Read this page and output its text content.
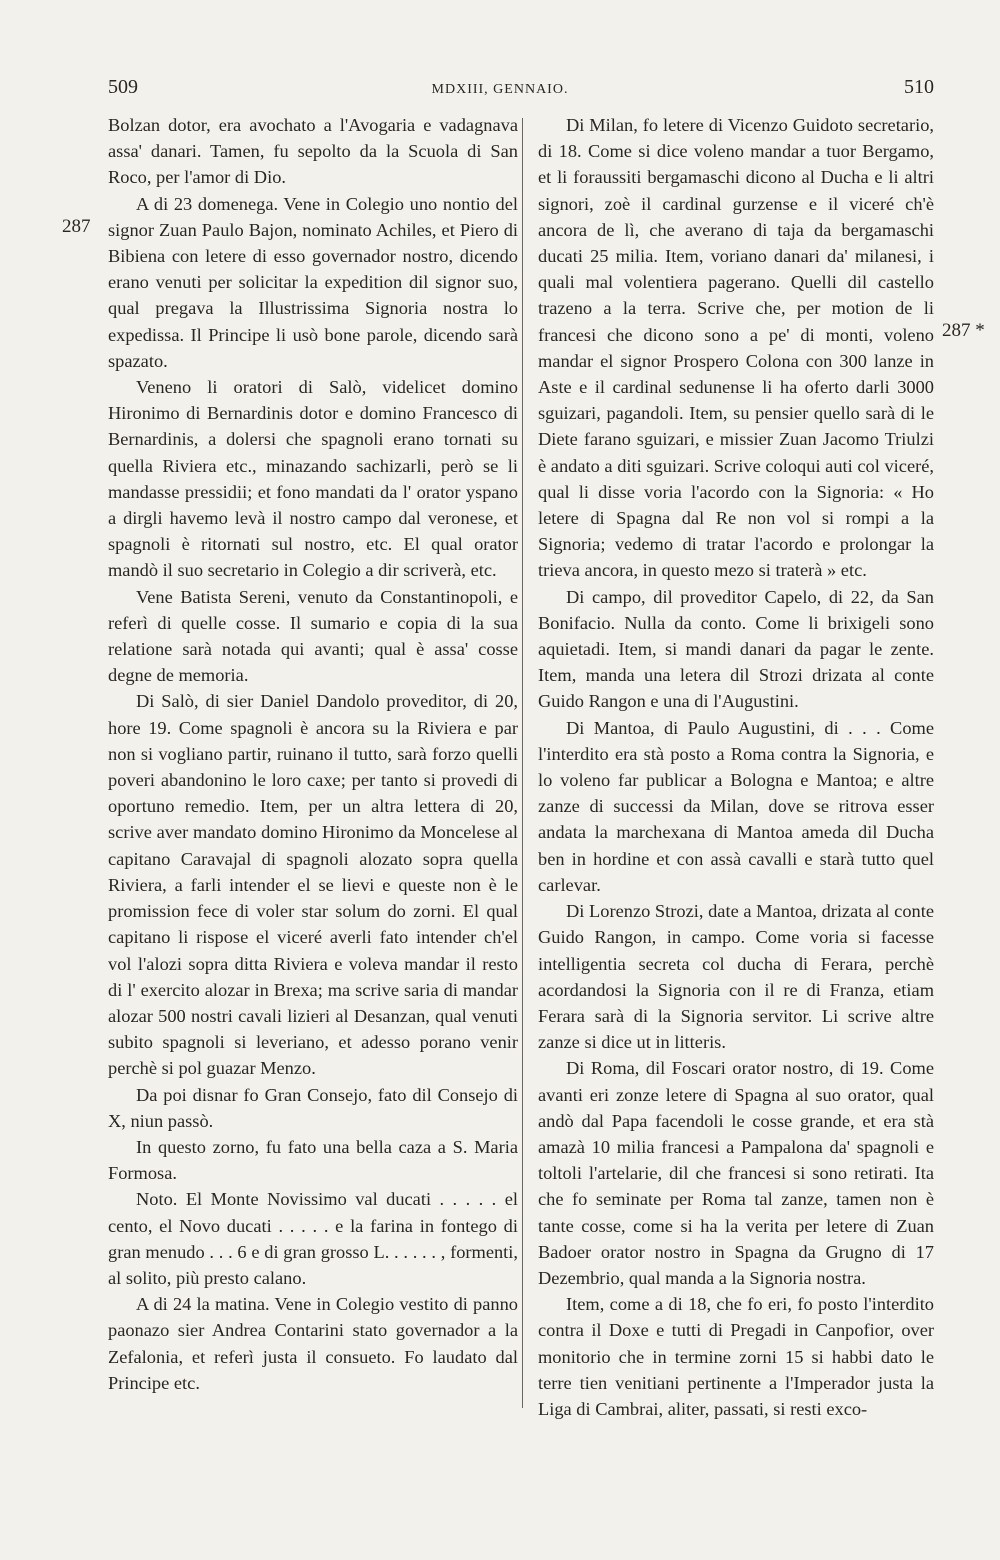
509	MDXIII, GENNAIO.	510
287
287 *

Bolzan dotor, era avochato a l'Avogaria e vadagnava assa' danari. Tamen, fu sepolto da la Scuola di San Roco, per l'amor di Dio.

A di 23 domenega. Vene in Colegio uno nontio del signor Zuan Paulo Bajon, nominato Achiles, et Piero di Bibiena con letere di esso governador nostro, dicendo erano venuti per solicitar la expedition dil signor suo, qual pregava la Illustrissima Signoria nostra lo expedissa. Il Principe li usò bone parole, dicendo sarà spazato.

Veneno li oratori di Salò, videlicet domino Hironimo di Bernardinis dotor e domino Francesco di Bernardinis, a dolersi che spagnoli erano tornati su quella Riviera etc., minazando sachizarli, però se li mandasse pressidii; et fono mandati da l' orator yspano a dirgli havemo levà il nostro campo dal veronese, et spagnoli è ritornati sul nostro, etc. El qual orator mandò il suo secretario in Colegio a dir scriverà, etc.

Vene Batista Sereni, venuto da Constantinopoli, e referì di quelle cosse. Il sumario e copia di la sua relatione sarà notada qui avanti; qual è assa' cosse degne de memoria.

Di Salò, di sier Daniel Dandolo proveditor, di 20, hore 19. Come spagnoli è ancora su la Riviera e par non si vogliano partir, ruinano il tutto, sarà forzo quelli poveri abandonino le loro caxe; per tanto si provedi di oportuno remedio. Item, per un altra lettera di 20, scrive aver mandato domino Hironimo da Moncelese al capitano Caravajal di spagnoli alozato sopra quella Riviera, a farli intender el se lievi e queste non è le promission fece di voler star solum do zorni. El qual capitano li rispose el viceré averli fato intender ch'el vol l'alozi sopra ditta Riviera e voleva mandar il resto di l' exercito alozar in Brexa; ma scrive saria di mandar alozar 500 nostri cavali lizieri al Desanzan, qual venuti subito spagnoli si leveriano, et adesso porano venir perchè si pol guazar Menzo.

Da poi disnar fo Gran Consejo, fato dil Consejo di X, niun passò.

In questo zorno, fu fato una bella caza a S. Maria Formosa.

Noto. El Monte Novissimo val ducati . . . . . el cento, el Novo ducati . . . . . e la farina in fontego di gran menudo . . . 6 e di gran grosso L. . . . . . , formenti, al solito, più presto calano.

A di 24 la matina. Vene in Colegio vestito di panno paonazo sier Andrea Contarini stato governador a la Zefalonia, et referì justa il consueto. Fo laudato dal Principe etc.

Di Milan, fo letere di Vicenzo Guidoto secretario, di 18. Come si dice voleno mandar a tuor Bergamo, et li foraussiti bergamaschi dicono al Ducha e li altri signori, zoè il cardinal gurzense e il viceré ch'è ancora de lì, che averano di taja da bergamaschi ducati 25 milia. Item, voriano danari da' milanesi, i quali mal volentiera pagerano. Quelli dil castello trazeno a la terra. Scrive che, per motion de li francesi che dicono sono a pe' di monti, voleno mandar el signor Prospero Colona con 300 lanze in Aste e il cardinal sedunense li ha oferto darli 3000 sguizari, pagandoli. Item, su pensier quello sarà di le Diete farano sguizari, e missier Zuan Jacomo Triulzi è andato a diti sguizari. Scrive coloqui auti col viceré, qual li disse voria l'acordo con la Signoria: « Ho letere di Spagna dal Re non vol si rompi a la Signoria; vedemo di tratar l'acordo e prolongar la trieva ancora, in questo mezo si traterà » etc.

Di campo, dil proveditor Capelo, di 22, da San Bonifacio. Nulla da conto. Come li brixigeli sono aquietadi. Item, si mandi danari da pagar le zente. Item, manda una letera dil Strozi drizata al conte Guido Rangon e una di l'Augustini.

Di Mantoa, di Paulo Augustini, di . . . Come l'interdito era stà posto a Roma contra la Signoria, e lo voleno far publicar a Bologna e Mantoa; e altre zanze di successi da Milan, dove se ritrova esser andata la marchexana di Mantoa ameda dil Ducha ben in hordine et con assà cavalli e starà tutto quel carlevar.

Di Lorenzo Strozi, date a Mantoa, drizata al conte Guido Rangon, in campo. Come voria si facesse intelligentia secreta col ducha di Ferara, perchè acordandosi la Signoria con il re di Franza, etiam Ferara sarà di la Signoria servitor. Li scrive altre zanze si dice ut in litteris.

Di Roma, dil Foscari orator nostro, di 19. Come avanti eri zonze letere di Spagna al suo orator, qual andò dal Papa facendoli le cosse grande, et era stà amazà 10 milia francesi a Pampalona da' spagnoli e toltoli l'artelarie, dil che francesi si sono retirati. Ita che fo seminate per Roma tal zanze, tamen non è tante cosse, come si ha la verita per letere di Zuan Badoer orator nostro in Spagna da Grugno di 17 Dezembrio, qual manda a la Signoria nostra.

Item, come a di 18, che fo eri, fo posto l'interdito contra il Doxe e tutti di Pregadi in Canpofior, over monitorio che in termine zorni 15 si habbi dato le terre tien venitiani pertinente a l'Imperador justa la Liga di Cambrai, aliter, passati, si resti exco-
